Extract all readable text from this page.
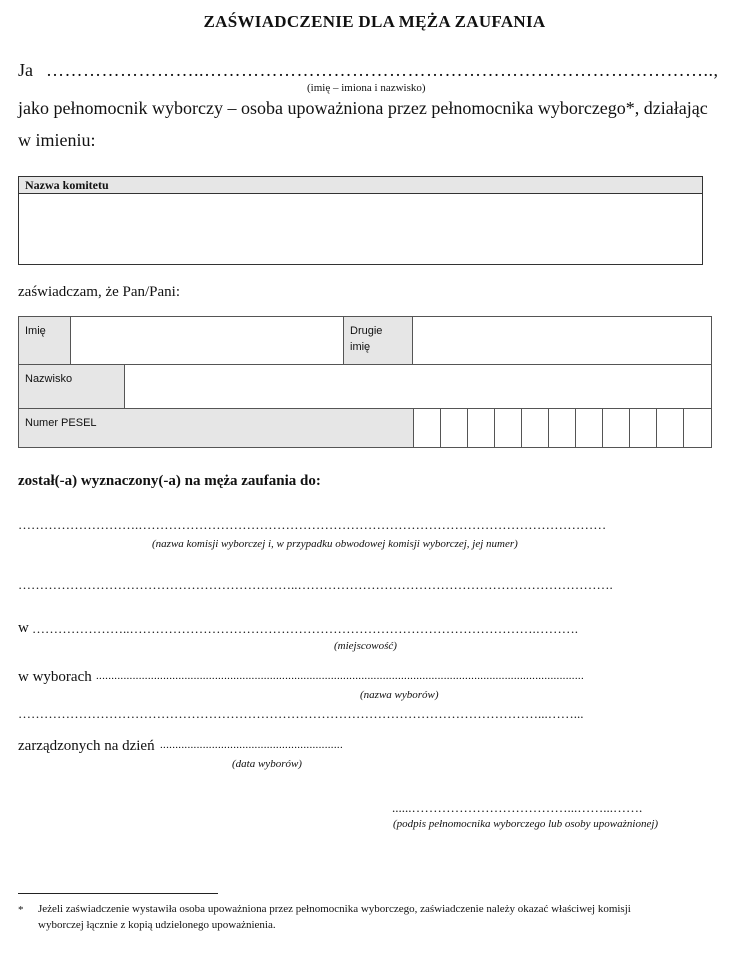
ZAŚWIADCZENIE DLA MĘŻA ZAUFANIA
Ja ……………………..………………………………………………………………………..,
(imię – imiona i nazwisko)
jako pełnomocnik wyborczy – osoba upoważniona przez pełnomocnika wyborczego*, działając
w imieniu:
Nazwa komitetu
zaświadczam, że Pan/Pani:
Imię	Drugie
imię
Nazwisko
Numer PESEL
został(-a) wyznaczony(-a) na męża zaufania do:
……………………….………………………………………………………………………………………………
(nazwa komisji wyborczej i, w przypadku obwodowej komisji wyborczej, jej numer)
………………………………………………………..……………………………………………………………….
w …………………..………………………………………………………………………………….……….
(miejscowość)
w wyborach ................................................................................................................................................................
(nazwa wyborów)
…………………………………………………………………………………………………………...……...
zarządzonych na dzień ............................................................
(data wyborów)
......………………………………...……...…….
(podpis pełnomocnika wyborczego lub osoby upoważnionej)
* Jeżeli zaświadczenie wystawiła osoba upoważniona przez pełnomocnika wyborczego, zaświadczenie należy okazać właściwej komisji
wyborczej łącznie z kopią udzielonego upoważnienia.
